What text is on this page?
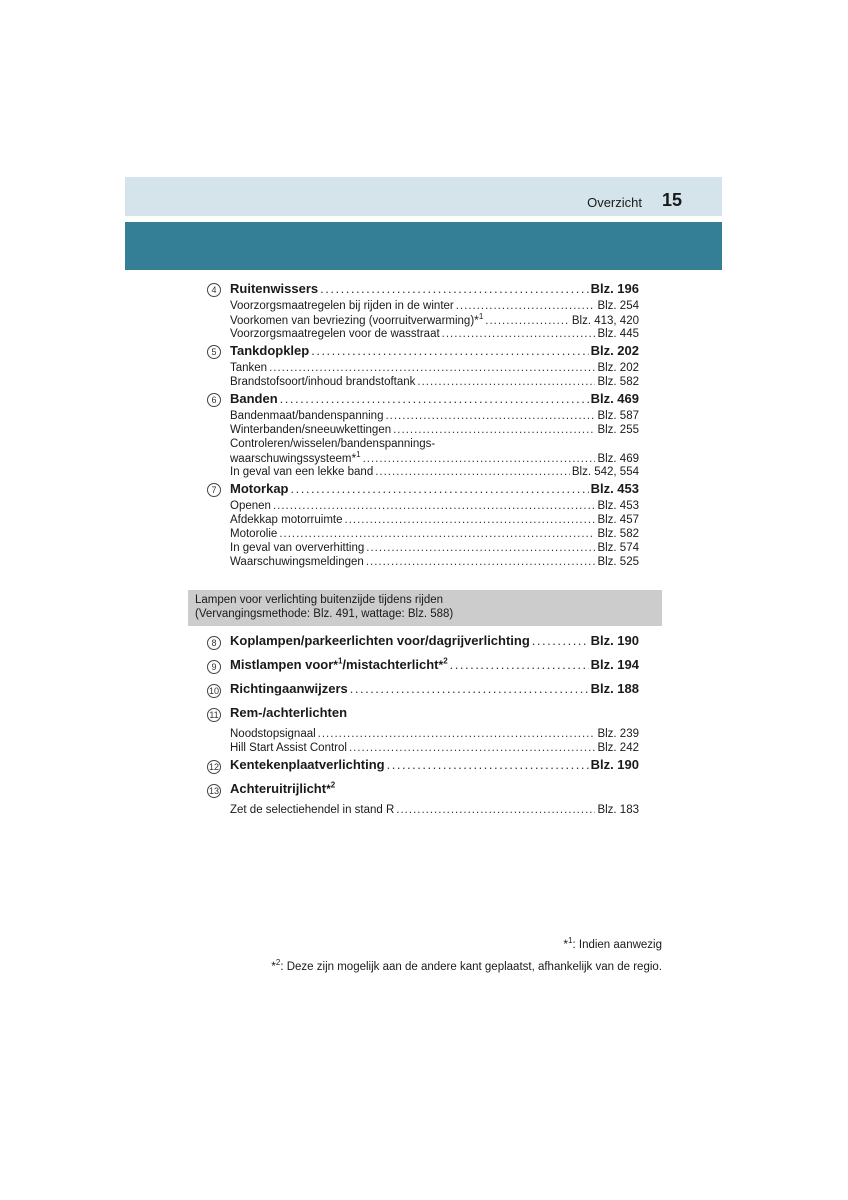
Overzicht 15
4	Ruitenwissers .....	Blz. 196
Voorzorgsmaatregelen bij rijden in de winter .....	Blz. 254
Voorkomen van bevriezing (voorruitverwarming)*$^1$ .....	Blz. 413, 420
Voorzorgsmaatregelen voor de wasstraat .....	Blz. 445
5	Tankdopklep .....	Blz. 202
Tanken .....	Blz. 202
Brandstofsoort/inhoud brandstoftank .....	Blz. 582
6	Banden .....	Blz. 469
Bandenmaat/bandenspanning .....	Blz. 587
Winterbanden/sneeuwkettingen .....	Blz. 255
Controleren/wisselen/bandenspannings-
waarschuwingssysteem*$^1$ .....	Blz. 469
In geval van een lekke band .....	Blz. 542, 554
7	Motorkap .....	Blz. 453
Openen .....	Blz. 453
Afdekkap motorruimte .....	Blz. 457
Motorolie .....	Blz. 582
In geval van oververhitting .....	Blz. 574
Waarschuwingsmeldingen .....	Blz. 525
Lampen voor verlichting buitenzijde tijdens rijden
(Vervangingsmethode: Blz. 491, wattage: Blz. 588)
8	Koplampen/parkeerlichten voor/dagrijverlichting .....	Blz. 190
9	Mistlampen voor*$^1$/mistachterlicht*$^2$ .....	Blz. 194
10 Richtingaanwijzers .....	Blz. 188
11 Rem-/achterlichten
Noodstopsignaal .....	Blz. 239
Hill Start Assist Control .....	Blz. 242
12 Kentekenplaatverlichting .....	Blz. 190
13 Achteruitrijlicht*$^2$
Zet de selectiehendel in stand R .....	Blz. 183
*$^1$: Indien aanwezig
*$^2$: Deze zijn mogelijk aan de andere kant geplaatst, afhankelijk van de regio.
